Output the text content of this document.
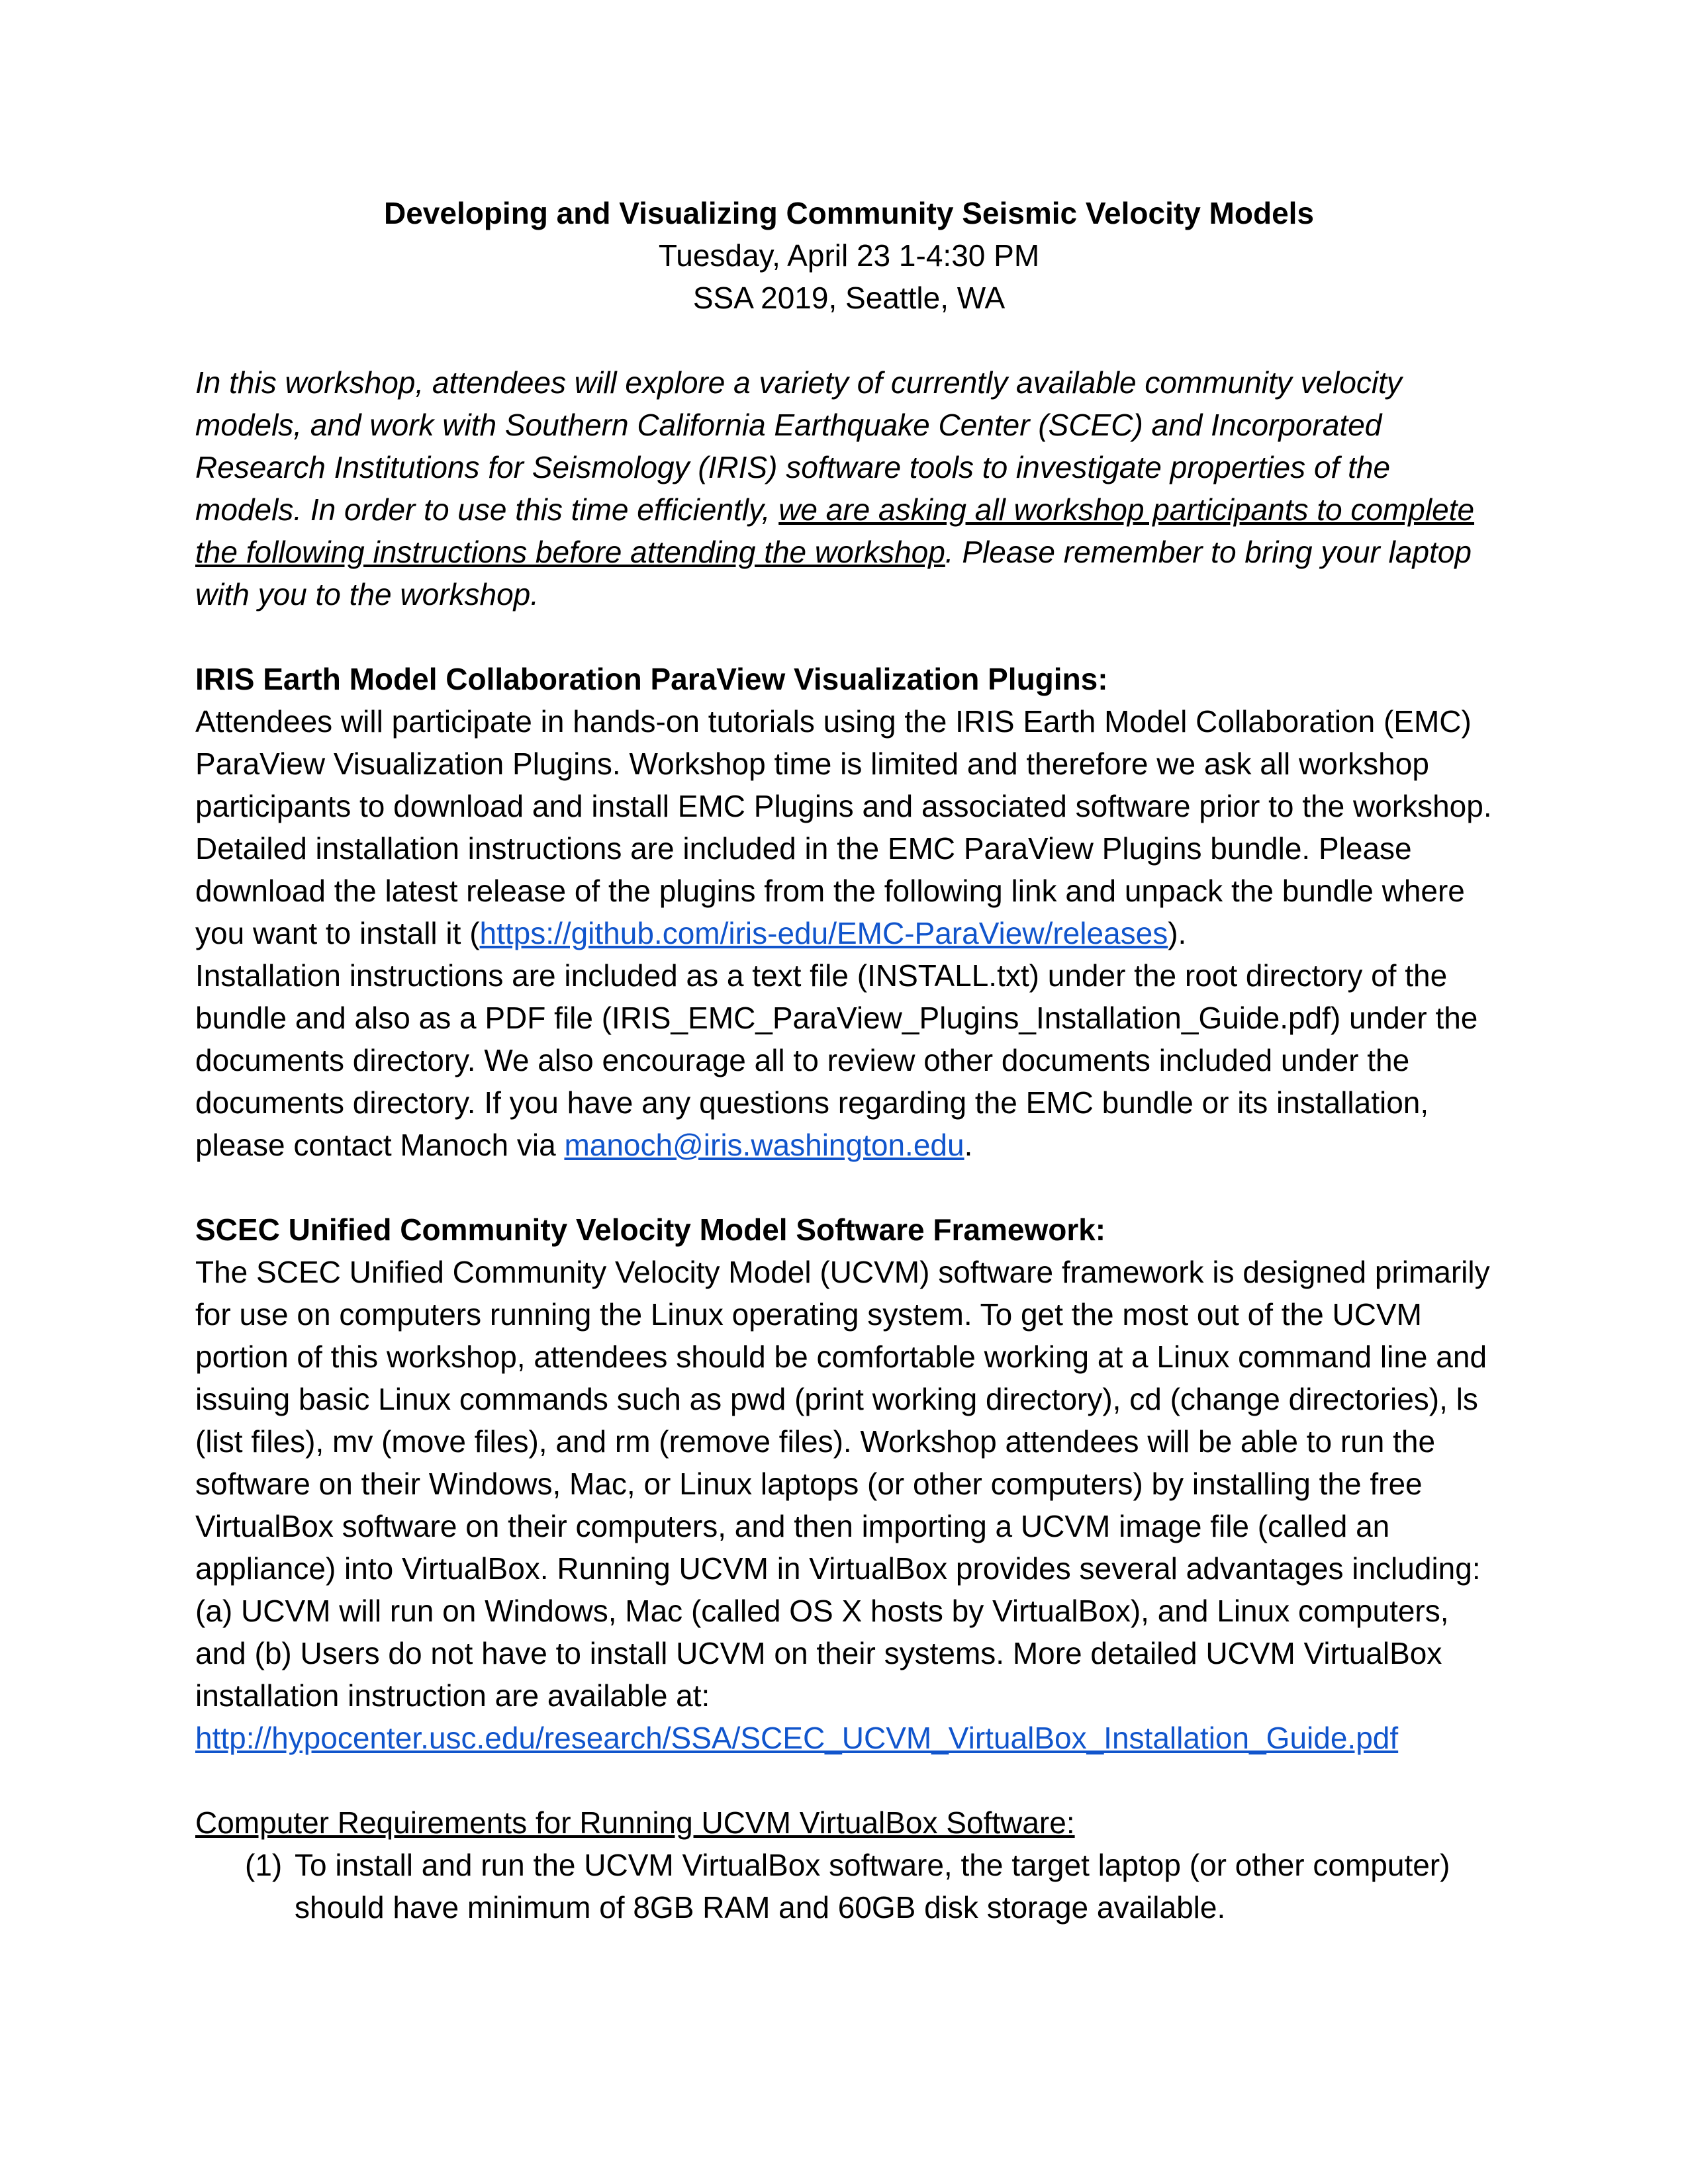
Developing and Visualizing Community Seismic Velocity Models
Tuesday, April 23 1-4:30 PM
SSA 2019, Seattle, WA

In this workshop, attendees will explore a variety of currently available community velocity models, and work with Southern California Earthquake Center (SCEC) and Incorporated Research Institutions for Seismology (IRIS) software tools to investigate properties of the models. In order to use this time efficiently, we are asking all workshop participants to complete the following instructions before attending the workshop. Please remember to bring your laptop with you to the workshop.

IRIS Earth Model Collaboration ParaView Visualization Plugins:

Attendees will participate in hands-on tutorials using the IRIS Earth Model Collaboration (EMC) ParaView Visualization Plugins. Workshop time is limited and therefore we ask all workshop participants to download and install EMC Plugins and associated software prior to the workshop. Detailed installation instructions are included in the EMC ParaView Plugins bundle. Please download the latest release of the plugins from the following link and unpack the bundle where you want to install it (https://github.com/iris-edu/EMC-ParaView/releases).
Installation instructions are included as a text file (INSTALL.txt) under the root directory of the bundle and also as a PDF file (IRIS_EMC_ParaView_Plugins_Installation_Guide.pdf) under the documents directory. We also encourage all to review other documents included under the documents directory. If you have any questions regarding the EMC bundle or its installation, please contact Manoch via manoch@iris.washington.edu.

SCEC Unified Community Velocity Model Software Framework:

The SCEC Unified Community Velocity Model (UCVM) software framework is designed primarily for use on computers running the Linux operating system. To get the most out of the UCVM portion of this workshop, attendees should be comfortable working at a Linux command line and issuing basic Linux commands such as pwd (print working directory), cd (change directories), ls (list files), mv (move files), and rm (remove files). Workshop attendees will be able to run the software on their Windows, Mac, or Linux laptops (or other computers) by installing the free VirtualBox software on their computers, and then importing a UCVM image file (called an appliance) into VirtualBox. Running UCVM in VirtualBox provides several advantages including: (a) UCVM will run on Windows, Mac (called OS X hosts by VirtualBox), and Linux computers, and (b) Users do not have to install UCVM on their systems. More detailed UCVM VirtualBox installation instruction are available at:
http://hypocenter.usc.edu/research/SSA/SCEC_UCVM_VirtualBox_Installation_Guide.pdf

Computer Requirements for Running UCVM VirtualBox Software:
(1) To install and run the UCVM VirtualBox software, the target laptop (or other computer) should have minimum of 8GB RAM and 60GB disk storage available.
